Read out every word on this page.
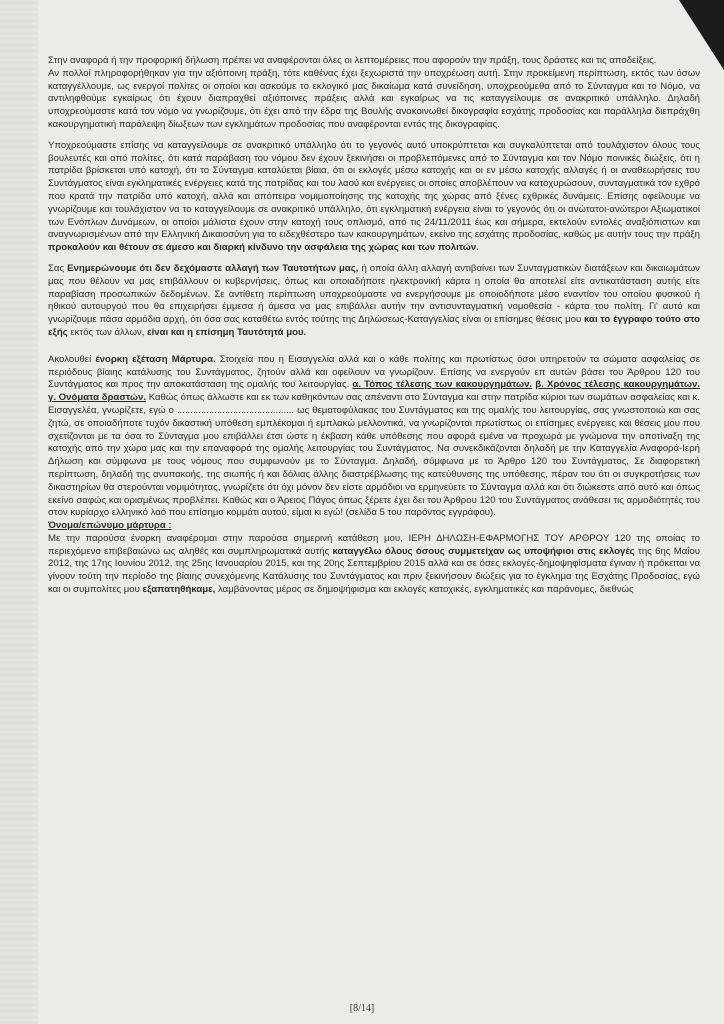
Στην αναφορά ή την προφορική δήλωση πρέπει να αναφέρονται όλες οι λεπτομέρειες που αφορούν την πράξη, τους δράστες και τις αποδείξεις.

Αν πολλοί πληροφορήθηκαν για την αξιόποινη πράξη, τότε καθένας έχει ξεχωριστά την υποχρέωση αυτή. Στην προκείμενη περίπτωση, εκτός των όσων καταγγέλλουμε, ως ενεργοί πολίτες οι οποίοι και ασκούμε το εκλογικό μας δικαίωμα κατά συνείδηση, υποχρεούμεθα από το Σύνταγμα και το Νόμο, να αντιληφθούμε εγκαίρως ότι έχουν διαπραχθεί αξιόποινες πράξεις αλλά και εγκαίρως να τις καταγγείλουμε σε ανακριτικό υπάλληλο. Δηλαδή υποχρεούμαστε κατά τον νόμο να γνωρίζουμε, ότι έχει από την έδρα της Βουλής ανακοινωθεί δικογραφία εσχάτης προδοσίας και παράλληλα διεπράχθη κακουργηματική παράλειψη δίωξεων των εγκλημάτων προδοσίας που αναφέρονται εντός της δικογραφίας.

Υποχρεούμαστε επίσης να καταγγείλουμε σε ανακριτικό υπάλληλο ότι το γεγονός αυτό υποκρύπτεται και συγκαλύπτεται από τουλάχιστον όλους τους βουλευτές και από πολίτες, ότι κατά παράβαση του νόμου δεν έχουν ξεκινήσει οι προβλεπόμενες από το Σύνταγμα και τον Νόμο ποινικές διώξεις, ότι η πατρίδα βρίσκεται υπό κατοχή, ότι το Σύνταγμα καταλύεται βίαια, ότι οι εκλογές μέσω κατοχής και οι εν μέσω κατοχής αλλαγές ή οι αναθεωρήσεις του Συντάγματος είναι εγκληματικές ενέργειες κατά της πατρίδας και του λαού και ενέργειες οι οποίες αποβλέπουν να κατοχυρώσουν, συνταγματικά τον εχθρό που κρατά την πατρίδα υπό κατοχή, αλλά και απόπειρα νομιμοποίησης της κατοχής της χώρας από ξένες εχθρικές δυνάμεις. Επίσης οφείλουμε να γνωρίζουμε και τουλάχιστον να το καταγγείλουμε σε ανακριτικό υπάλληλο, ότι εγκληματική ενέργεια είναι το γεγονός ότι οι ανώτατοι-ανώτεροι Αξιωματικοί των Ενόπλων Δυνάμεων, οι οποίοι μάλιστα έχουν στην κατοχή τους οπλισμό, από τις 24/11/2011 έως και σήμερα, εκτελούν εντολές αναξιόπιστων και αναγνωρισμένων από την Ελληνική Δικαιοσύνη για το ειδεχθέστερο των κακουργημάτων, εκείνο της εσχάτης προδοσίας, καθώς με αυτήν τους την πράξη προκαλούν και θέτουν σε άμεσο και διαρκή κίνδυνο την ασφάλεια της χώρας και των πολιτών.

Σας Ενημερώνουμε ότι δεν δεχόμαστε αλλαγή των Ταυτοτήτων μας, ή οποία άλλη αλλαγή αντιβαίνει των Συνταγματικών διατάξεων και δικαιωμάτων μας που θέλουν να μας επιβάλλουν οι κυβερνήσεις, όπως και οποιαδήποτε ηλεκτρονική κάρτα η οποία θα αποτελεί είτε αντικατάσταση αυτής είτε παραβίαση προσωπικών δεδομένων. Σε αντίθετη περίπτωση υποχρεούμαστε να ενεργήσουμε με οποιοδήποτε μέσο εναντίον του οποίου φυσικού ή ηθικού αυτουργού που θα επιχειρήσει έμμεσα ή άμεσα να μας επιβάλλει αυτήν την αντισυνταγματική νομοθεσία - κάρτα του πολίτη. Γι' αυτό και γνωρίζουμε πάσα αρμόδια αρχή, ότι όσα σας καταθέτω εντός τούτης της Δηλώσεως-Καταγγελίας είναι οι επίσημες θέσεις μου και το έγγραφο τούτο στο εξής εκτός των άλλων, είναι και η επίσημη Ταυτότητά μου.

Ακολουθεί ένορκη εξέταση Μάρτυρα. Στοιχεία που η Εισαγγελία αλλά και ο κάθε πολίτης και πρωτίστως όσοι υπηρετούν τα σώματα ασφαλείας σε περιόδους βίαιης κατάλυσης του Συντάγματος, ζητούν αλλά και οφείλουν να γνωρίζουν. Επίσης να ενεργούν επ αυτών βάσει του Άρθρου 120 του Συντάγματος και προς την αποκατάσταση της ομαλής του λειτουργίας. α. Τόπος τέλεσης των κακουργημάτων. β. Χρόνος τέλεσης κακουργημάτων. γ. Ονόματα δραστών. Καθώς όπως άλλωστε και εκ των καθηκόντων σας απέναντι στο Σύνταγμα και στην πατρίδα κύριοι των σωμάτων ασφαλείας και κ. Εισαγγελέα, γνωρίζετε, εγώ ο ............................................ ως θεματοφύλακας του Συντάγματος και της ομαλής του λειτουργίας, σας γνωστοποιώ και σας ζητώ, σε οποιαδήποτε τυχόν δικαστική υπόθεση εμπλέκομαι ή εμπλακώ μελλοντικά, να γνωρίζονται πρωτίστως οι επίσημες ενέργειες και θέσεις μου που σχετίζονται με τα όσα το Σύνταγμα μου επιβάλλει έτσι ώστε η έκβαση κάθε υπόθεσης που αφορά εμένα να προχωρά με γνώμονα την αποτίναξη της κατοχής από την χώρα μας και την επαναφορά της ομαλής λειτουργίας του Συντάγματος. Να συνεκδικάζονται δηλαδή με την Καταγγελία Αναφορά-Ιερή Δήλωση και σύμφωνα με τους νόμους που συμφωνούν με το Σύνταγμα. Δηλαδή, σύμφωνα με το Άρθρο 120 του Συντάγματος, Σε διαφορετική περίπτωση, δηλαδή της ανυπακοής, της σιωπής ή και δόλιας άλλης διαστρέβλωσης της κατεύθυνσης της υπόθεσης, πέραν του ότι οι συγκροτήσεις των δικαστηρίων θα στερούνται νομιμότητας, γνωρίζετε ότι όχι μόνον δεν είστε αρμόδιοι να ερμηνεύετε το Σύνταγμα αλλά και ότι διώκεστε από αυτό και όπως εκείνο σαφώς και ορισμένως προβλέπει. Καθώς και ο Άρειος Πάγος όπως ξέρετε έχει δει του Άρθρου 120 του Συντάγματος ανάθεσει τις αρμοδιότητές του στον κυρίαρχο ελληνικό λαό που επίσημο κομμάτι αυτού, είμαι κι εγώ! (σελίδα 5 του παρόντος εγγράφου).

Όνομα/επώνυμο μάρτυρα :

Με την παρούσα ένορκη αναφέρομαι στην παρούσα σημερινή κατάθεση μου, ΙΕΡΗ ΔΗΛΩΣΗ-ΕΦΑΡΜΟΓΗΣ ΤΟΥ ΑΡΘΡΟΥ 120 της οποίας το περιεχόμενο επιβεβαιώνω ως αληθές και συμπληρωματικά αυτής καταγγέλω όλους όσους συμμετείχαν ως υποψήφιοι στις εκλογές της 6ης Μαΐου 2012, της 17ης Ιουνίου 2012, της 25ης Ιανουαρίου 2015, και της 20ης Σεπτεμβρίου 2015 αλλά και σε όσες εκλογές-δημοψηφίσματα έγιναν ή πρόκειται να γίνουν τούτη την περίοδο της βίαιης συνεχόμενης Κατάλυσης του Συντάγματος και πριν ξεκινήσουν διώξεις για το έγκλημα της Εσχάτης Προδοσίας, εγώ και οι συμπολίτες μου εξαπατηθήκαμε, λαμβάνοντας μέρος σε δημοψήφισμα και εκλογές κατοχικές, εγκληματικές και παράνομες, διεθνώς

[8/14]
